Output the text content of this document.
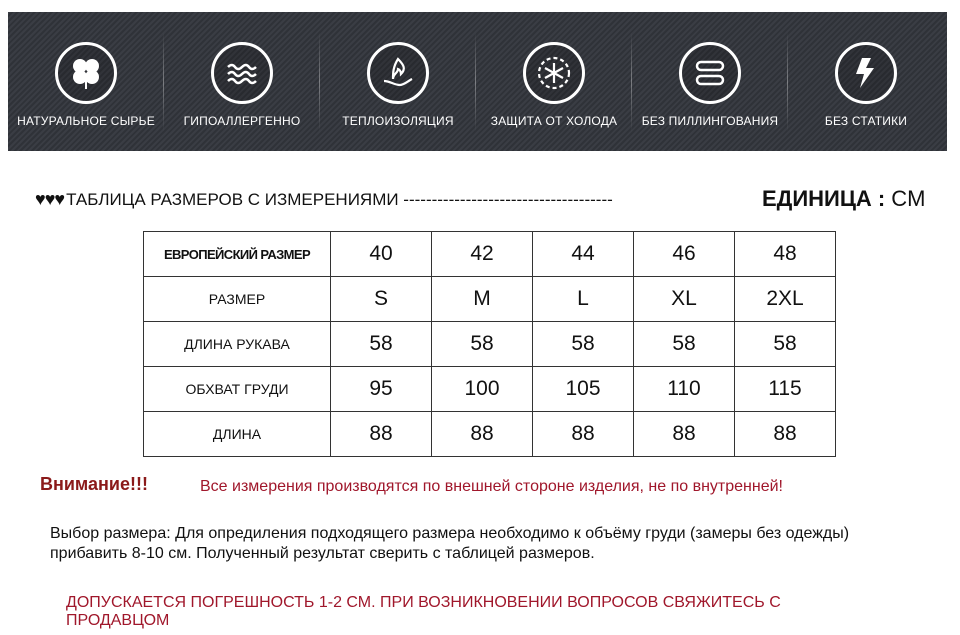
НАТУРАЛЬНОЕ СЫРЬЕ	ГИПОАЛЛЕРГЕННО	ТЕПЛОИЗОЛЯЦИЯ	ЗАЩИТА ОТ ХОЛОДА	БЕЗ ПИЛЛИНГОВАНИЯ	БЕЗ СТАТИКИ
♥♥♥ ТАБЛИЦА РАЗМЕРОВ С ИЗМЕРЕНИЯМИ -------------------------------------	ЕДИНИЦА : CM
ЕВРОПЕЙСКИЙ РАЗМЕР	40	42	44	46	48
РАЗМЕР	S	M	L	XL	2XL
ДЛИНА РУКАВА	58	58	58	58	58
ОБХВАТ ГРУДИ	95	100	105	110	115
ДЛИНА	88	88	88	88	88
Внимание!!!	Все измерения производятся по внешней стороне изделия, не по внутренней!
Выбор размера: Для опредиления подходящего размера необходимо к объёму груди (замеры без одежды) прибавить 8-10 см. Полученный результат сверить с таблицей размеров.
ДОПУСКАЕТСЯ ПОГРЕШНОСТЬ 1-2 СМ. ПРИ ВОЗНИКНОВЕНИИ ВОПРОСОВ СВЯЖИТЕСЬ С ПРОДАВЦОМ
